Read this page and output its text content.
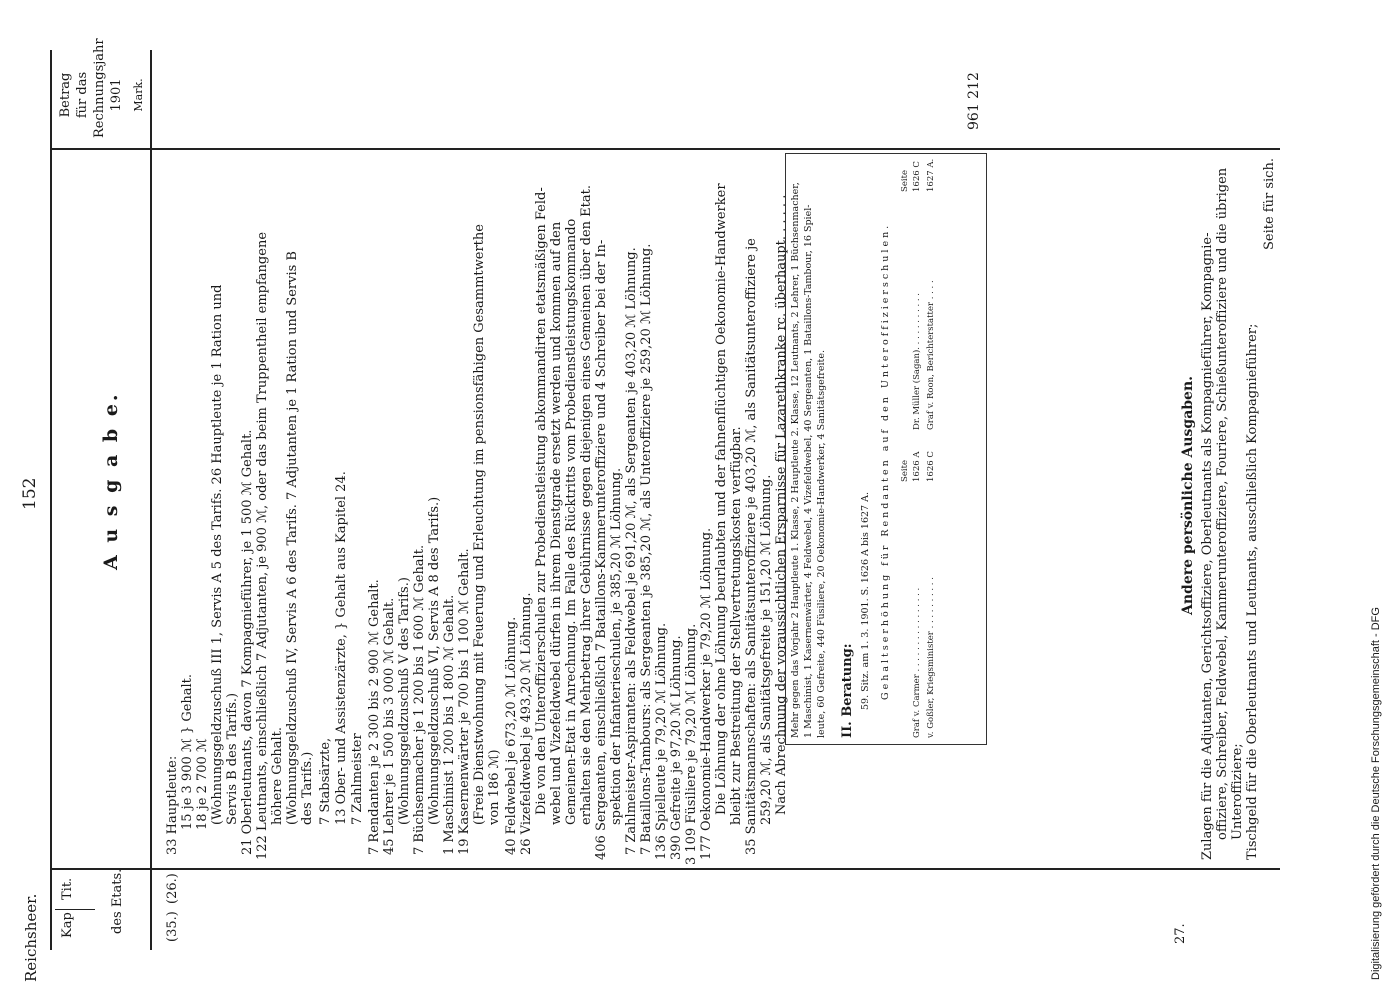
Reichsheer.
152	A u s g a b e.
Kap
Tit.	des Etats.
Betrag für das Rechnungsjahr 1901 Mark.
(35.)
(26.)
33 Hauptleute: 15 je 3 900 ℳ } Gehalt. 18 je 2 700 ℳ (Wohnungsgeldzuschuß III 1, Servis A 5 des Tarifs. 26 Hauptleute je 1 Ration und Servis B des Tarifs.) 21 Oberleutnants, davon 7 Kompagnieführer, je 1 500 ℳ Gehalt. 122 Leutnants, einschließlich 7 Adjutanten, je 900 ℳ, oder das beim Truppentheil empfangene höhere Gehalt. (Wohnungsgeldzuschuß IV, Servis A 6 des Tarifs. 7 Adjutanten je 1 Ration und Servis B des Tarifs.) 7 Stabsärzte, 13 Ober- und Assistenzärzte, } Gehalt aus Kapitel 24. 7 Zahlmeister 7 Rendanten je 2 300 bis 2 900 ℳ Gehalt. 45 Lehrer je 1 500 bis 3 000 ℳ Gehalt. (Wohnungsgeldzuschuß V des Tarifs.) 7 Büchsenmacher je 1 200 bis 1 600 ℳ Gehalt. (Wohnungsgeldzuschuß VI, Servis A 8 des Tarifs.) 1 Maschinist 1 200 bis 1 800 ℳ Gehalt. 19 Kasernenwärter je 700 bis 1 100 ℳ Gehalt. (Freie Dienstwohnung mit Feuerung und Erleuchtung im pensionsfähigen Gesammtwerthe von 186 ℳ) 40 Feldwebel je 673,20 ℳ Löhnung. 26 Vizefeldwebel je 493,20 ℳ Löhnung. Die von den Unteroffizierschulen zur Probedienstleistung abkommandirten etatsmäßigen Feld- webel und Vizefeldwebel dürfen in ihrem Dienstgrade ersetzt werden und kommen auf den Gemeinen-Etat in Anrechnung. Im Falle des Rücktritts vom Probedienstleistungskommando erhalten sie den Mehrbetrag ihrer Gebührnisse gegen diejenigen eines Gemeinen über den Etat. 406 Sergeanten, einschließlich 7 Bataillons-Kammerunteroffiziere und 4 Schreiber bei der In- spektion der Infanterieschulen, je 385,20 ℳ Löhnung. 7 Zahlmeister-Aspiranten: als Feldwebel je 691,20 ℳ, als Sergeanten je 403,20 ℳ Löhnung. 7 Bataillons-Tambours: als Sergeanten je 385,20 ℳ, als Unteroffiziere je 259,20 ℳ Löhnung. 136 Spielleute je 79,20 ℳ Löhnung. 390 Gefreite je 97,20 ℳ Löhnung. 3 109 Füsiliere je 79,20 ℳ Löhnung. 177 Oekonomie-Handwerker je 79,20 ℳ Löhnung. Die Löhnung der ohne Löhnung beurlaubten und der fahnenflüchtigen Oekonomie-Handwerker bleibt zur Bestreitung der Stellvertretungskosten verfügbar. 35 Sanitätsmannschaften: als Sanitätsunteroffiziere je 403,20 ℳ, als Sanitätsunteroffiziere je 259,20 ℳ, als Sanitätsgefreite je 151,20 ℳ Löhnung. Nach Abrechnung der voraussichtlichen Ersparnisse für Lazarethkranke rc. überhaupt. . . . . .
961 212
Mehr gegen das Vorjahr 2 Hauptleute 1. Klasse, 2 Hauptleute 2. Klasse, 12 Leutnants, 2 Lehrer, 1 Büchsenmacher, 1 Maschinist, 1 Kasernenwärter, 4 Feldwebel, 4 Vizefeldwebel, 40 Sergeanten, 1 Bataillons-Tambour, 16 Spiel- leute, 60 Gefreite, 440 Füsiliere, 20 Oekonomie-Handwerker, 4 Sanitätsgefreite. II. Beratung: 59. Sitz. am 1. 3. 1901. S. 1626 A bis 1627 A. Gehaltserhöhung für Rendanten auf den Unteroffizierschulen. Seite
Seite
Graf v. Carmer . . . . . . . . . . . . . . . .
1626 A
Dr. Müller (Sagan). . . . . . . . . . .
1626 C
v. Goßler, Kriegsminister . . . . . . . . . .
1626 C
Graf v. Roon, Berichterstatter . . . .
1627 A.
27.
Andere persönliche Ausgaben. Zulagen für die Adjutanten, Gerichtsoffiziere, Oberleutnants als Kompagnieführer, Kompagnie- offiziere, Schreiber, Feldwebel, Kammerunteroffiziere, Fouriere, Schießunteroffiziere und die übrigen Unteroffiziere; Tischgeld für die Oberleutnants und Leutnants, ausschließlich Kompagnieführer;
Seite für sich.
Digitalisierung gefördert durch die Deutsche Forschungsgemeinschaft - DFG
